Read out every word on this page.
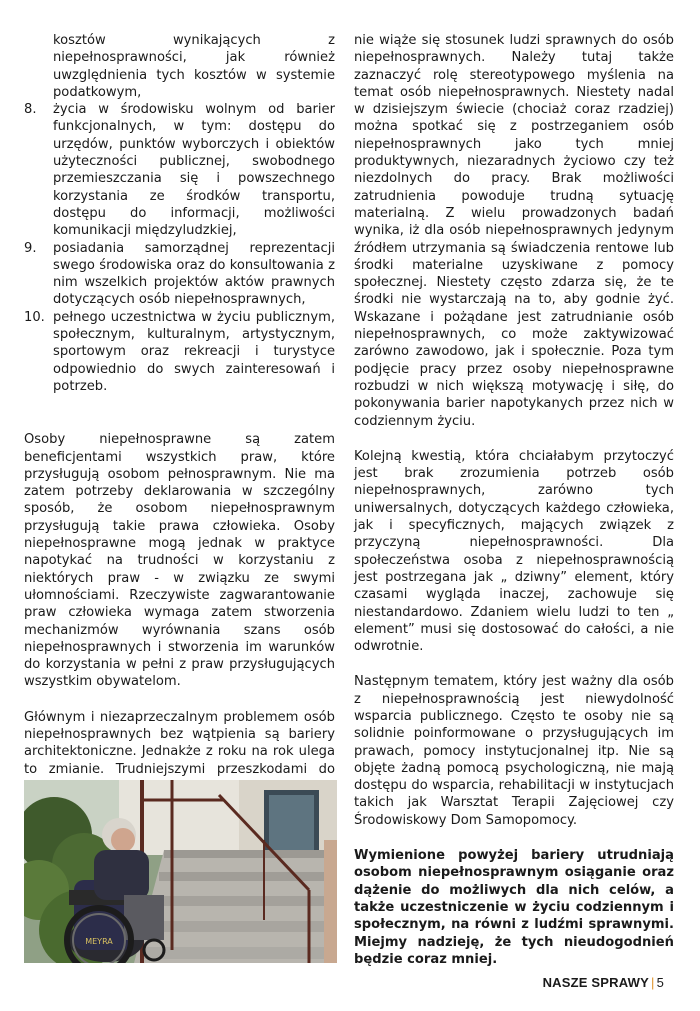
kosztów wynikających z niepełnosprawności, jak również uwzględnienia tych kosztów w systemie podatkowym,

8. życia w środowisku wolnym od barier funkcjonalnych, w tym: dostępu do urzędów, punktów wyborczych i obiektów użyteczności publicznej, swobodnego przemieszczania się i powszechnego korzystania ze środków transportu, dostępu do informacji, możliwości komunikacji międzyludzkiej,
9. posiadania samorządnej reprezentacji swego środowiska oraz do konsultowania z nim wszelkich projektów aktów prawnych dotyczących osób niepełnosprawnych,
10. pełnego uczestnictwa w życiu publicznym, społecznym, kulturalnym, artystycznym, sportowym oraz rekreacji i turystyce odpowiednio do swych zainteresowań i potrzeb.

Osoby niepełnosprawne są zatem beneficjentami wszystkich praw, które przysługują osobom pełnosprawnym. Nie ma zatem potrzeby deklarowania w szczególny sposób, że osobom niepełnosprawnym przysługują takie prawa człowieka. Osoby niepełnosprawne mogą jednak w praktyce napotykać na trudności w korzystaniu z niektórych praw - w związku ze swymi ułomnościami. Rzeczywiste zagwarantowanie praw człowieka wymaga zatem stworzenia mechanizmów wyrównania szans osób niepełnosprawnych i stworzenia im warunków do korzystania w pełni z praw przysługujących wszystkim obywatelom.

Głównym i niezaprzeczalnym problemem osób niepełnosprawnych bez wątpienia są bariery architektoniczne. Jednakże z roku na rok ulega to zmianie. Trudniejszymi przeszkodami do

MEYRA

nie wiąże się stosunek ludzi sprawnych do osób niepełnosprawnych. Należy tutaj także zaznaczyć rolę stereotypowego myślenia na temat osób niepełnosprawnych. Niestety nadal w dzisiejszym świecie (chociaż coraz rzadziej) można spotkać się z postrzeganiem osób niepełnosprawnych jako tych mniej produktywnych, niezaradnych życiowo czy też niezdolnych do pracy. Brak możliwości zatrudnienia powoduje trudną sytuację materialną. Z wielu prowadzonych badań wynika, iż dla osób niepełnosprawnych jedynym źródłem utrzymania są świadczenia rentowe lub środki materialne uzyskiwane z pomocy społecznej. Niestety często zdarza się, że te środki nie wystarczają na to, aby godnie żyć. Wskazane i pożądane jest zatrudnianie osób niepełnosprawnych, co może zaktywizować zarówno zawodowo, jak i społecznie. Poza tym podjęcie pracy przez osoby niepełnosprawne rozbudzi w nich większą motywację i siłę, do pokonywania barier napotykanych przez nich w codziennym życiu.

Kolejną kwestią, która chciałabym przytoczyć jest brak zrozumienia potrzeb osób niepełnosprawnych, zarówno tych uniwersalnych, dotyczących każdego człowieka, jak i specyficznych, mających związek z przyczyną niepełnosprawności. Dla społeczeństwa osoba z niepełnosprawnością jest postrzegana jak „ dziwny” element, który czasami wygląda inaczej, zachowuje się niestandardowo. Zdaniem wielu ludzi to ten „ element” musi się dostosować do całości, a nie odwrotnie.

Następnym tematem, który jest ważny dla osób z niepełnosprawnością jest niewydolność wsparcia publicznego. Często te osoby nie są solidnie poinformowane o przysługujących im prawach, pomocy instytucjonalnej itp. Nie są objęte żadną pomocą psychologiczną, nie mają dostępu do wsparcia, rehabilitacji w instytucjach takich jak Warsztat Terapii Zajęciowej czy Środowiskowy Dom Samopomocy.

Wymienione powyżej bariery utrudniają osobom niepełnosprawnym osiąganie oraz dążenie do możliwych dla nich celów, a także uczestniczenie w życiu codziennym i społecznym, na równi z ludźmi sprawnymi. Miejmy nadzieję, że tych nieudogodnień będzie coraz mniej.

NASZE SPRAWY | 5
